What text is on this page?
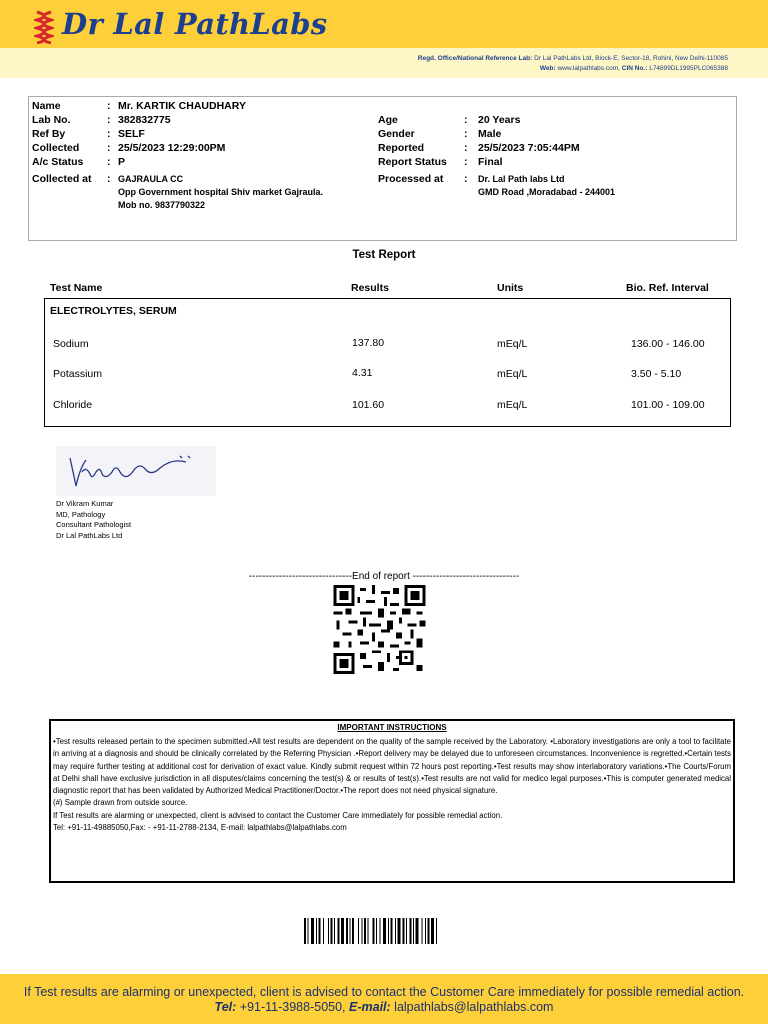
Dr Lal PathLabs
Regd. Office/National Reference Lab: Dr Lal PathLabs Ltd, Block-E, Sector-18, Rohini, New Delhi-110085
Web: www.lalpathlabs.com, CIN No.: L74899DL1995PLC065388
Name	: Mr. KARTIK CHAUDHARY
Lab No.	: 382832775
Ref By	: SELF
Collected	: 25/5/2023 12:29:00PM
A/c Status : P
Collected at : GAJRAULA CC
Opp Government hospital Shiv market Gajraula.
Mob no. 9837790322
Age	: 20 Years
Gender	: Male
Reported	: 25/5/2023 7:05:44PM
Report Status : Final
Processed at : Dr. Lal Path labs Ltd
GMD Road ,Moradabad - 244001
Test Report
Test Name	Results	Units	Bio. Ref. Interval
ELECTROLYTES, SERUM
Sodium	137.80	mEq/L	136.00 - 146.00
Potassium	4.31	mEq/L	3.50 - 5.10
Chloride	101.60	mEq/L	101.00 - 109.00
Dr Vikram Kumar
MD, Pathology
Consultant Pathologist
Dr Lal PathLabs Ltd
-------------------------------End of report --------------------------------
IMPORTANT INSTRUCTIONS

•Test results released pertain to the specimen submitted.•All test results are dependent on the quality of the sample received by the Laboratory. •Laboratory investigations are only a tool to facilitate in arriving at a diagnosis and should be clinically correlated by the Referring Physician .•Report delivery may be delayed due to unforeseen circumstances. Inconvenience is regretted.•Certain tests may require further testing at additional cost for derivation of exact value. Kindly submit request within 72 hours post reporting.•Test results may show interlaboratory variations.•The Courts/Forum at Delhi shall have exclusive jurisdiction in all disputes/claims concerning the test(s) & or results of test(s).•Test results are not valid for medico legal purposes.•This is computer generated medical diagnostic report that has been validated by Authorized Medical Practitioner/Doctor.•The report does not need physical signature.

(#) Sample drawn from outside source.

If Test results are alarming or unexpected, client is advised to contact the Customer Care immediately for possible remedial action.

Tel: +91-11-49885050,Fax: - +91-11-2788-2134, E-mail: lalpathlabs@lalpathlabs.com

If Test results are alarming or unexpected, client is advised to contact the Customer Care immediately for possible remedial action.
Tel: +91-11-3988-5050, E-mail: lalpathlabs@lalpathlabs.com
